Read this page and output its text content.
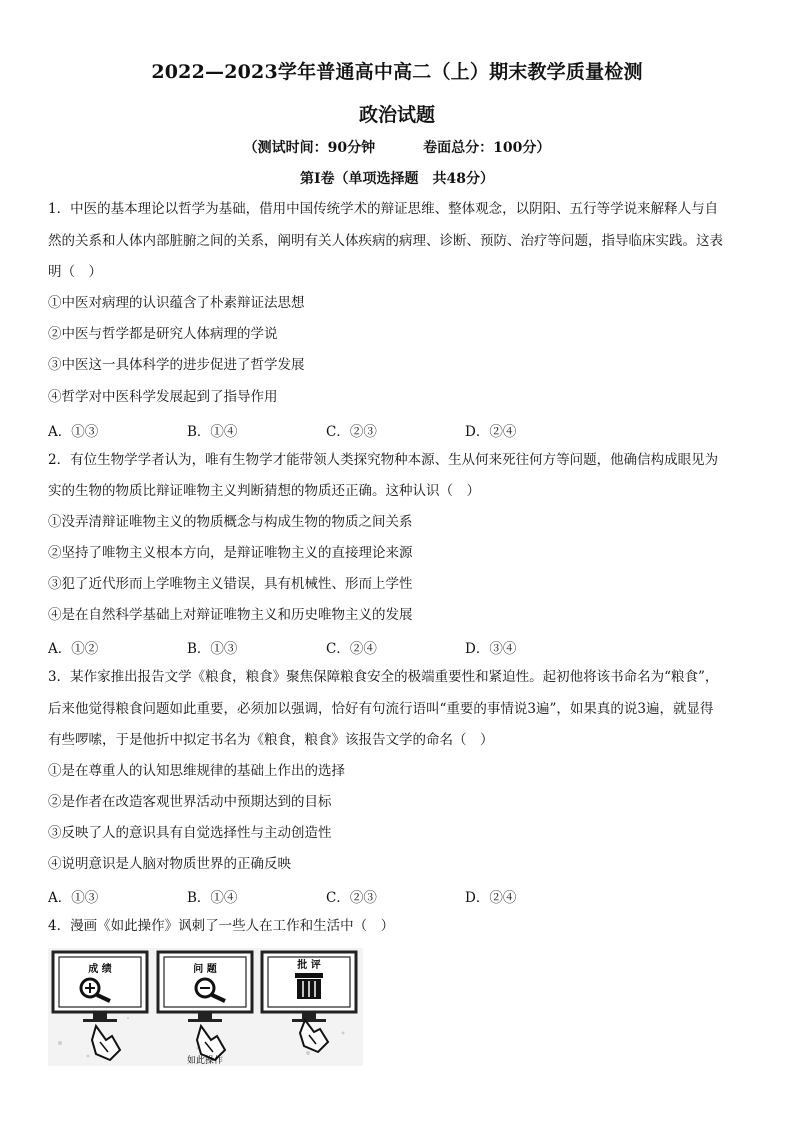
2022—2023学年普通高中高二（上）期末教学质量检测
政治试题
（测试时间：90分钟	卷面总分：100分）
第Ⅰ卷（单项选择题　共48分）
1．中医的基本理论以哲学为基础，借用中国传统学术的辩证思维、整体观念，以阴阳、五行等学说来解释人与自
然的关系和人体内部脏腑之间的关系，阐明有关人体疾病的病理、诊断、预防、治疗等问题，指导临床实践。这表
明（　）
①中医对病理的认识蕴含了朴素辩证法思想
②中医与哲学都是研究人体病理的学说
③中医这一具体科学的进步促进了哲学发展
④哲学对中医科学发展起到了指导作用
A．①③	B．①④	C．②③	D．②④
2．有位生物学学者认为，唯有生物学才能带领人类探究物种本源、生从何来死往何方等问题，他确信构成眼见为
实的生物的物质比辩证唯物主义判断猜想的物质还正确。这种认识（　）
①没弄清辩证唯物主义的物质概念与构成生物的物质之间关系
②坚持了唯物主义根本方向，是辩证唯物主义的直接理论来源
③犯了近代形而上学唯物主义错误，具有机械性、形而上学性
④是在自然科学基础上对辩证唯物主义和历史唯物主义的发展
A．①②	B．①③	C．②④	D．③④
3．某作家推出报告文学《粮食，粮食》聚焦保障粮食安全的极端重要性和紧迫性。起初他将该书命名为“粮食”，
后来他觉得粮食问题如此重要，必须加以强调，恰好有句流行语叫“重要的事情说3遍”，如果真的说3遍，就显得
有些啰嗦，于是他折中拟定书名为《粮食，粮食》该报告文学的命名（　）
①是在尊重人的认知思维规律的基础上作出的选择
②是作者在改造客观世界活动中预期达到的目标
③反映了人的意识具有自觉选择性与主动创造性
④说明意识是人脑对物质世界的正确反映
A．①③	B．①④	C．②③	D．②④
4．漫画《如此操作》讽刺了一些人在工作和生活中（　）
成 绩	问 题
如此操作
批 评
